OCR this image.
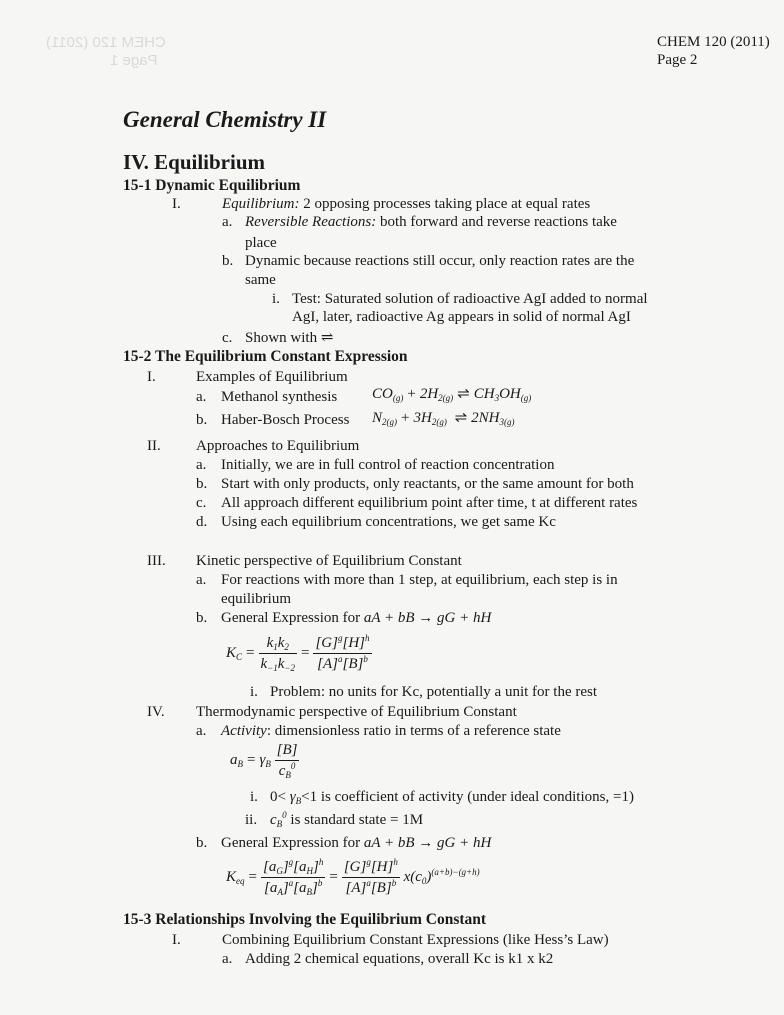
CHEM 120 (2011)
Page 1
CHEM 120 (2011)
Page 2
General Chemistry II
IV. Equilibrium
15-1 Dynamic Equilibrium
I.	Equilibrium: 2 opposing processes taking place at equal rates
a. Reversible Reactions: both forward and reverse reactions take
place
b. Dynamic because reactions still occur, only reaction rates are the
same
i. Test: Saturated solution of radioactive AgI added to normal
AgI, later, radioactive Ag appears in solid of normal AgI
c. Shown with ⇌
15-2 The Equilibrium Constant Expression
I.	Examples of Equilibrium
a. Methanol synthesis $CO_{(g)} + 2H_{2(g)}$ ⇌ $CH_3OH_{(g)}$
b. Haber-Bosch Process $N_{2(g)} + 3H_{2(g)}$ ⇌ $2NH_{3(g)}$
II. Approaches to Equilibrium
a. Initially, we are in full control of reaction concentration
b. Start with only products, only reactants, or the same amount for both
c. All approach different equilibrium point after time, t at different rates
d. Using each equilibrium concentrations, we get same Kc
III. Kinetic perspective of Equilibrium Constant
a. For reactions with more than 1 step, at equilibrium, each step is in
equilibrium
b. General Expression for aA + bB → gG + hH
$K_C = \frac{k_1k_2}{k_{-1}k_{-2}} = \frac{[G]^g[H]^h}{[A]^a[B]^b}$
i. Problem: no units for Kc, potentially a unit for the rest
IV. Thermodynamic perspective of Equilibrium Constant
a. Activity: dimensionless ratio in terms of a reference state
$a_B = \gamma_B \frac{[B]}{c_B^0}$
i. $0< \gamma_B<1$ is coefficient of activity (under ideal conditions, =1)
ii. $c_B^0$ is standard state = 1M
b. General Expression for aA + bB → gG + hH
$K_{eq} = \frac{[a_G]^g[a_H]^h}{[a_A]^a[a_B]^b} = \frac{[G]^g[H]^h}{[A]^a[B]^b} x(c_0)^{(a+b)-(g+h)}$
15-3 Relationships Involving the Equilibrium Constant
I.	Combining Equilibrium Constant Expressions (like Hess’s Law)
a. Adding 2 chemical equations, overall Kc is k1 x k2
